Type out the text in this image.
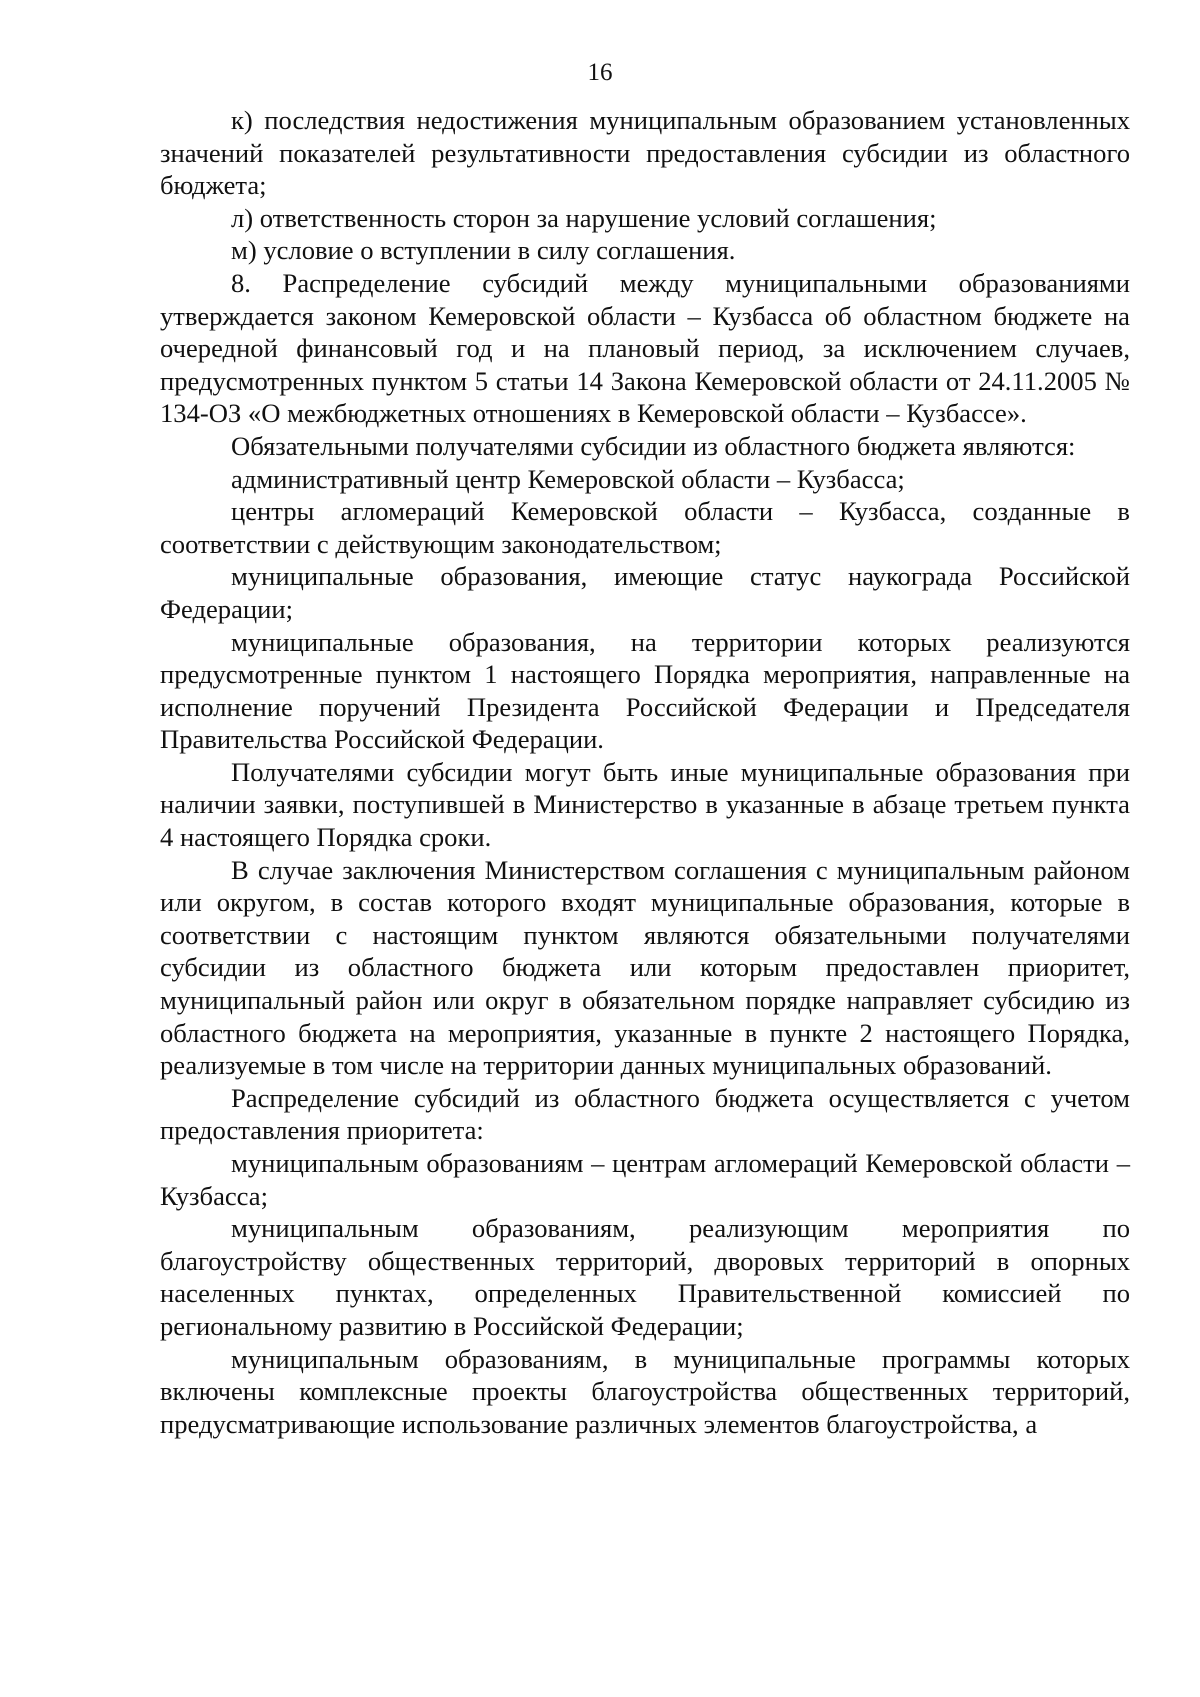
16

к) последствия недостижения муниципальным образованием установленных значений показателей результативности предоставления субсидии из областного бюджета;

л) ответственность сторон за нарушение условий соглашения;

м) условие о вступлении в силу соглашения.

8. Распределение субсидий между муниципальными образованиями утверждается законом Кемеровской области – Кузбасса об областном бюджете на очередной финансовый год и на плановый период, за исключением случаев, предусмотренных пунктом 5 статьи 14 Закона Кемеровской области от 24.11.2005 № 134-ОЗ «О межбюджетных отношениях в Кемеровской области – Кузбассе».

Обязательными получателями субсидии из областного бюджета являются:

административный центр Кемеровской области – Кузбасса;

центры агломераций Кемеровской области – Кузбасса, созданные в соответствии с действующим законодательством;

муниципальные образования, имеющие статус наукограда Российской Федерации;

муниципальные образования, на территории которых реализуются предусмотренные пунктом 1 настоящего Порядка мероприятия, направленные на исполнение поручений Президента Российской Федерации и Председателя Правительства Российской Федерации.

Получателями субсидии могут быть иные муниципальные образования при наличии заявки, поступившей в Министерство в указанные в абзаце третьем пункта 4 настоящего Порядка сроки.

В случае заключения Министерством соглашения с муниципальным районом или округом, в состав которого входят муниципальные образования, которые в соответствии с настоящим пунктом являются обязательными получателями субсидии из областного бюджета или которым предоставлен приоритет, муниципальный район или округ в обязательном порядке направляет субсидию из областного бюджета на мероприятия, указанные в пункте 2 настоящего Порядка, реализуемые в том числе на территории данных муниципальных образований.

Распределение субсидий из областного бюджета осуществляется с учетом предоставления приоритета:

муниципальным образованиям – центрам агломераций Кемеровской области – Кузбасса;

муниципальным образованиям, реализующим мероприятия по благоустройству общественных территорий, дворовых территорий в опорных населенных пунктах, определенных Правительственной комиссией по региональному развитию в Российской Федерации;

муниципальным образованиям, в муниципальные программы которых включены комплексные проекты благоустройства общественных территорий, предусматривающие использование различных элементов благоустройства, а
